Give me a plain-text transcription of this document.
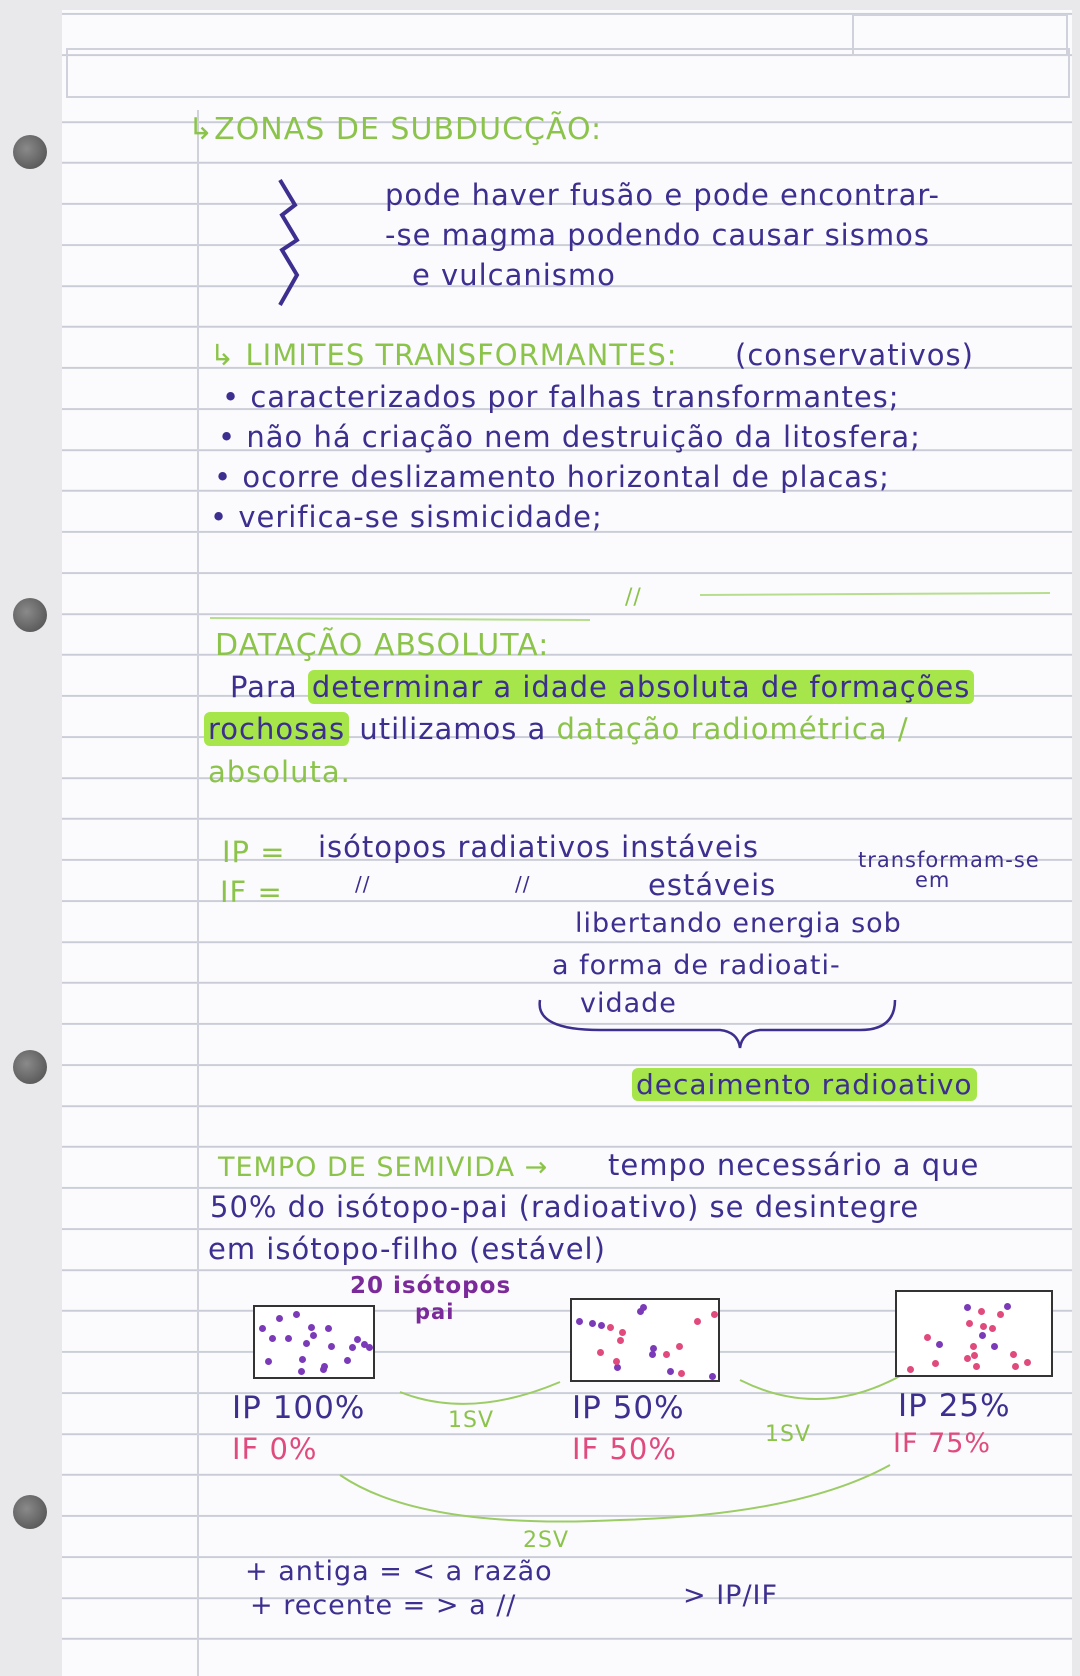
↳ZONAS DE SUBDUCÇÃO:
pode haver fusão e pode encontrar-
-se magma podendo causar sismos
e vulcanismo
↳ LIMITES TRANSFORMANTES: (conservativos)
• caracterizados por falhas transformantes;
• não há criação nem destruição da litosfera;
• ocorre deslizamento horizontal de placas;
• verifica-se sismicidade;
//
DATAÇÃO ABSOLUTA:
Para determinar a idade absoluta de formações
rochosas utilizamos a datação radiométrica /
absoluta.
IP = isótopos radiativos instáveis
IF =	//	//	estáveis
transformam-se
em
libertando energia sob
a forma de radioati-
vidade
decaimento radioativo
TEMPO DE SEMIVIDA → tempo necessário a que
50% do isótopo-pai (radioativo) se desintegre
em isótopo-filho (estável)
20 isótopos
pai
IP 100%
IF 0%
IP 50%
IF 50%
IP 25%
IF 75%
1SV
1SV
2SV
+ antiga = < a razão
+ recente = > a //	> IP/IF
